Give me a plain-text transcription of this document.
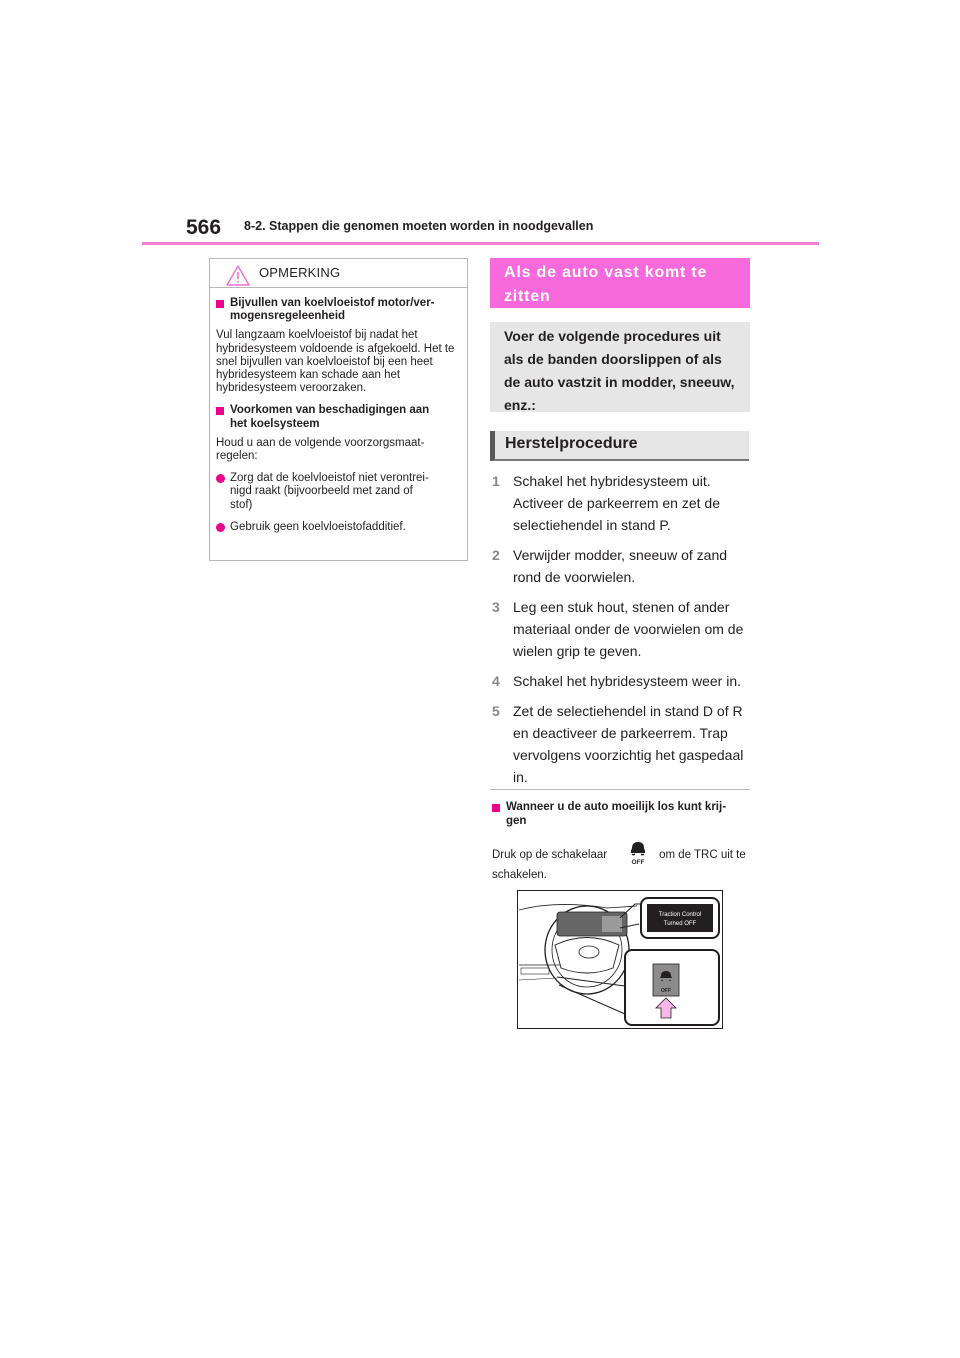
566 8-2. Stappen die genomen moeten worden in noodgevallen
OPMERKING
Bijvullen van koelvloeistof motor/ver-
mogensregeleenheid
Vul langzaam koelvloeistof bij nadat het hybridesysteem voldoende is afgekoeld. Het te snel bijvullen van koelvloeistof bij een heet hybridesysteem kan schade aan het hybridesysteem veroorzaken.
Voorkomen van beschadigingen aan
het koelsysteem
Houd u aan de volgende voorzorgsmaat-
regelen:
Zorg dat de koelvloeistof niet verontrei-
nigd raakt (bijvoorbeeld met zand of
stof)
Gebruik geen koelvloeistofadditief.
Als de auto vast komt te zitten
Voer de volgende procedures uit als de banden doorslippen of als de auto vastzit in modder, sneeuw, enz.:
Herstelprocedure
1 Schakel het hybridesysteem uit. Activeer de parkeerrem en zet de selectiehendel in stand P.
2 Verwijder modder, sneeuw of zand rond de voorwielen.
3 Leg een stuk hout, stenen of ander materiaal onder de voorwielen om de wielen grip te geven.
4 Schakel het hybridesysteem weer in.
5 Zet de selectiehendel in stand D of R en deactiveer de parkeerrem. Trap vervolgens voorzichtig het gaspedaal in.
Wanneer u de auto moeilijk los kunt krij-
gen
Druk op de schakelaar	om de TRC uit te schakelen.
OFF
Traction Control
Turned OFF
OFF
